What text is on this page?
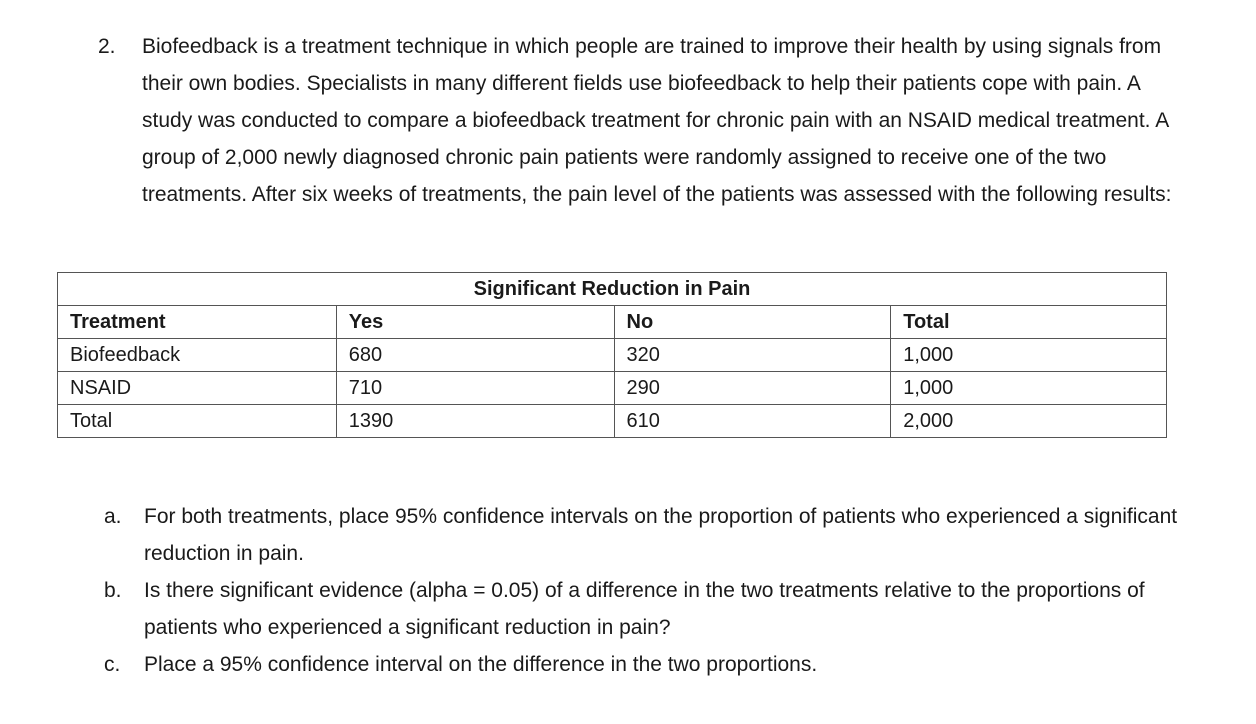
2. Biofeedback is a treatment technique in which people are trained to improve their health by using signals from their own bodies. Specialists in many different fields use biofeedback to help their patients cope with pain. A study was conducted to compare a biofeedback treatment for chronic pain with an NSAID medical treatment. A group of 2,000 newly diagnosed chronic pain patients were randomly assigned to receive one of the two treatments. After six weeks of treatments, the pain level of the patients was assessed with the following results:
Significant Reduction in Pain			
Treatment	Yes	No	Total
Biofeedback	680	320	1,000
NSAID	710	290	1,000
Total	1390	610	2,000
a. For both treatments, place 95% confidence intervals on the proportion of patients who experienced a significant reduction in pain.
b. Is there significant evidence (alpha = 0.05) of a difference in the two treatments relative to the proportions of patients who experienced a significant reduction in pain?
c. Place a 95% confidence interval on the difference in the two proportions.
